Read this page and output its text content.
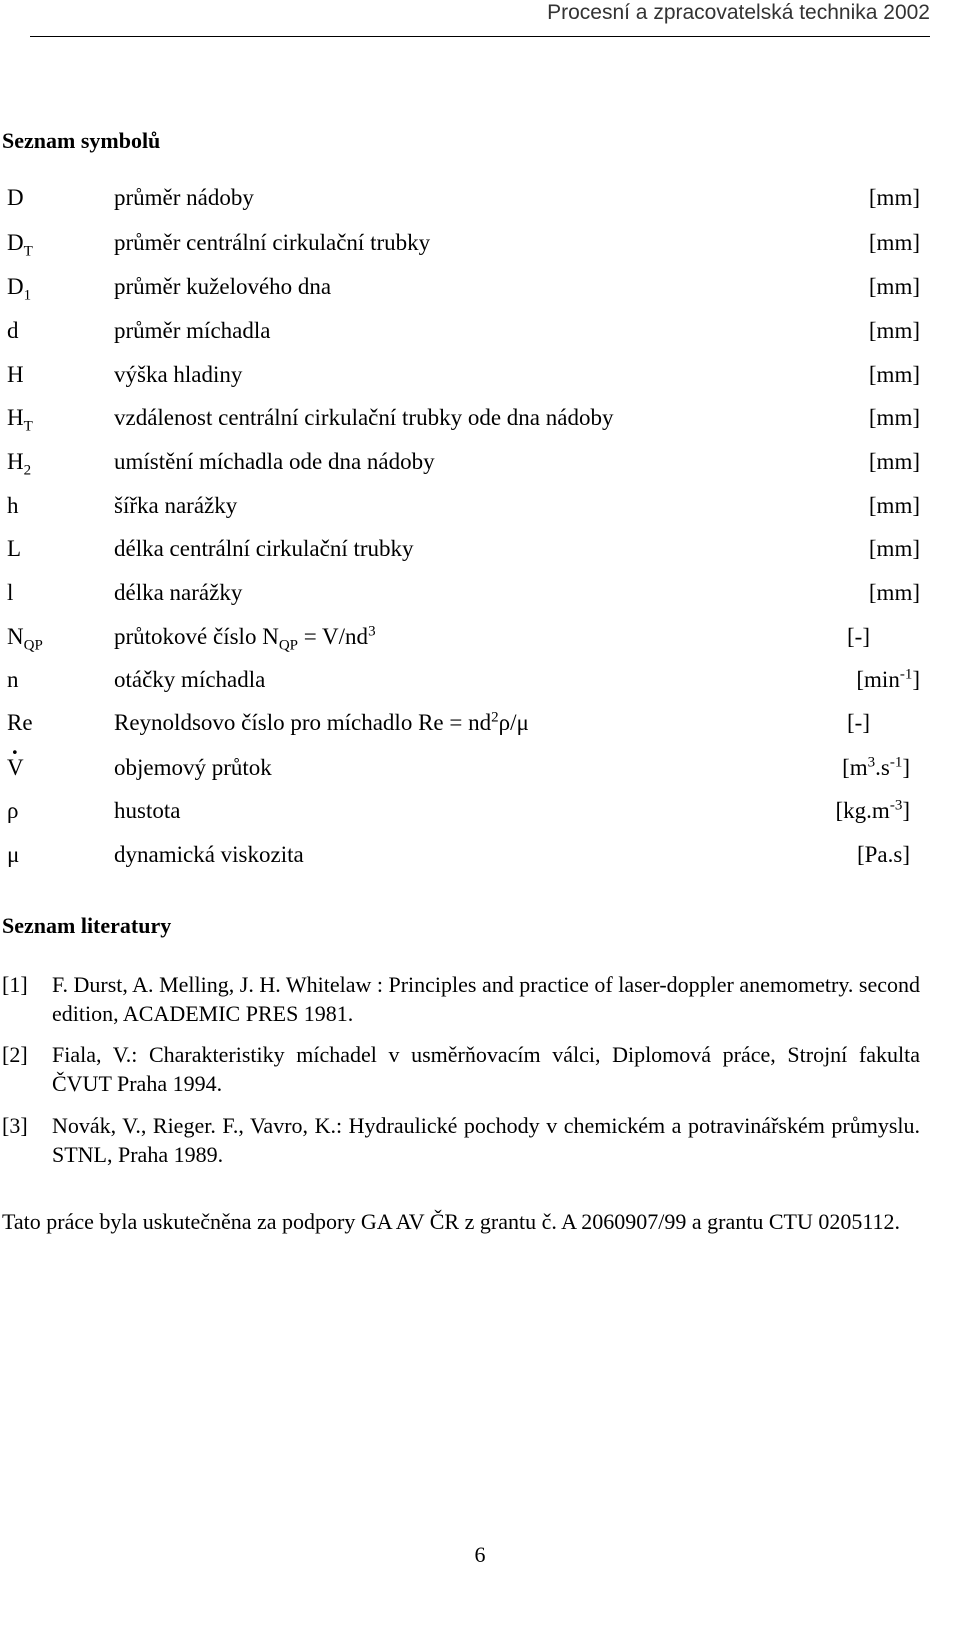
Procesní a zpracovatelská technika 2002
Seznam symbolů
D	průměr nádoby	[mm]
$D_T$	průměr centrální cirkulační trubky	[mm]
$D_1$	průměr kuželového dna	[mm]
d	průměr míchadla	[mm]
H	výška hladiny	[mm]
$H_T$	vzdálenost centrální cirkulační trubky ode dna nádoby	[mm]
$H_2$	umístění míchadla ode dna nádoby	[mm]
h	šířka narážky	[mm]
L	délka centrální cirkulační trubky	[mm]
l	délka narážky	[mm]
$N_{QP}$	průtokové číslo $N_{QP} = V/nd^3$	[-]
n	otáčky míchadla	$[\min^{-1}]$
Re	Reynoldsovo číslo pro míchadlo $Re = nd^2\rho/\mu$	[-]
· V	objemový průtok	$[m^3.s^{-1}]$
ρ	hustota	$[kg.m^{-3}]$
μ	dynamická viskozita	[Pa.s]
Seznam literatury
[1] F. Durst, A. Melling, J. H. Whitelaw : Principles and practice of laser-doppler anemometry. second edition, ACADEMIC PRES 1981.
[2] Fiala, V.: Charakteristiky míchadel v usměrňovacím válci, Diplomová práce, Strojní fakulta ČVUT Praha 1994.
[3] Novák, V., Rieger. F., Vavro, K.: Hydraulické pochody v chemickém a potravinářském průmyslu. STNL, Praha 1989.
Tato práce byla uskutečněna za podpory GA AV ČR z grantu č. A 2060907/99 a grantu CTU 0205112.
6
